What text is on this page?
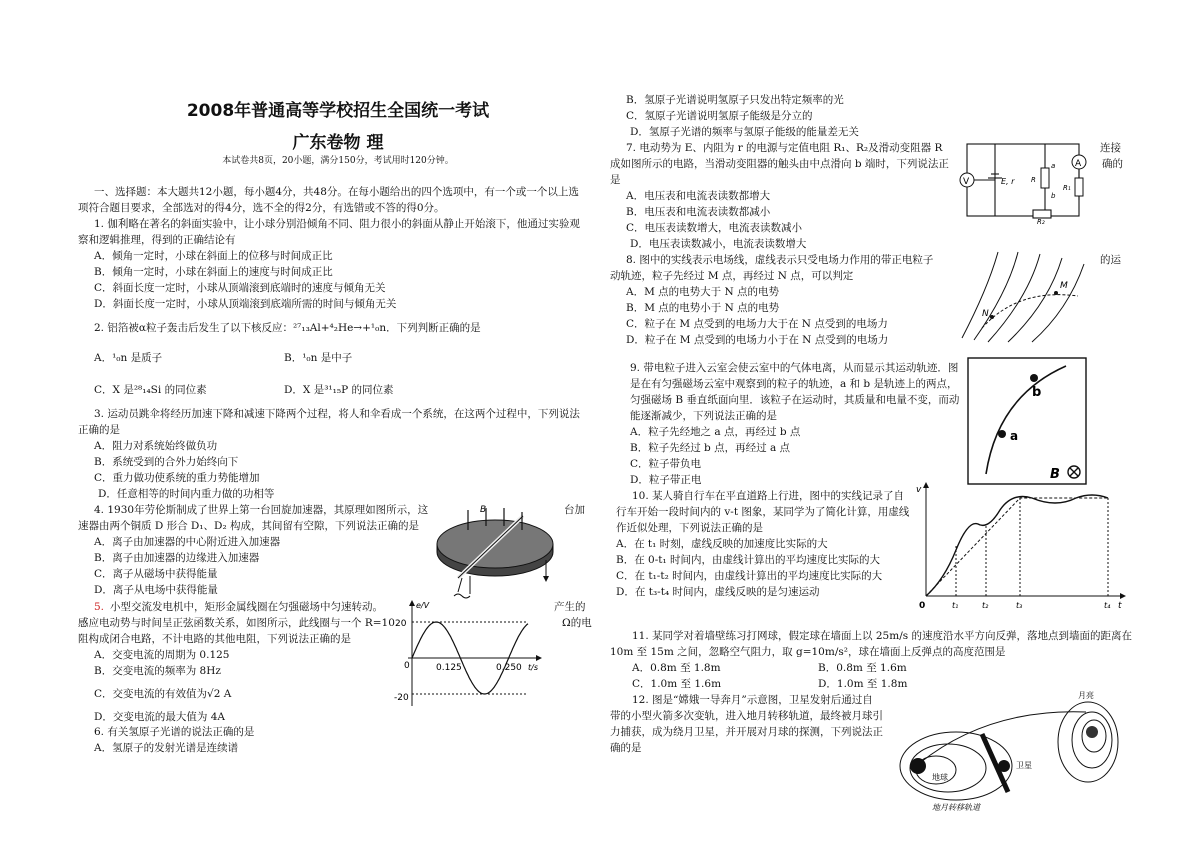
2008年普通高等学校招生全国统一考试
广东卷物 理
本试卷共8页，20小题，满分150分，考试用时120分钟。
一、选择题：本大题共12小题，每小题4分，共48分。在每小题给出的四个选项中，有一个或一个以上选
项符合题目要求，全部选对的得4分，选不全的得2分，有选错或不答的得0分。
1. 伽利略在著名的斜面实验中，让小球分别沿倾角不同、阻力很小的斜面从静止开始滚下，他通过实验观
察和逻辑推理，得到的正确结论有
A．倾角一定时，小球在斜面上的位移与时间成正比
B．倾角一定时，小球在斜面上的速度与时间成正比
C．斜面长度一定时，小球从顶端滚到底端时的速度与倾角无关
D．斜面长度一定时，小球从顶端滚到底端所需的时间与倾角无关
2. 铝箔被α粒子轰击后发生了以下核反应：²⁷₁₃Al+⁴₂He→+¹₀n．下列判断正确的是
A．¹₀n 是质子	B．¹₀n 是中子
C．X 是²⁸₁₄Si 的同位素	D．X 是³¹₁₅P 的同位素
3. 运动员跳伞将经历加速下降和减速下降两个过程，将人和伞看成一个系统，在这两个过程中，下列说法
正确的是
A．阻力对系统始终做负功
B．系统受到的合外力始终向下
C．重力做功使系统的重力势能增加
D．任意相等的时间内重力做的功相等
4. 1930年劳伦斯制成了世界上第一台回旋加速器，其原理如图所示，这	台加
速器由两个铜质 D 形合 D₁、D₂ 构成，其间留有空隙，下列说法正确的是
A．离子由加速器的中心附近进入加速器
B．离子由加速器的边缘进入加速器
C．离子从磁场中获得能量
D．离子从电场中获得能量
5. 小型交流发电机中，矩形金属线圈在匀强磁场中匀速转动。	产生的
感应电动势与时间呈正弦函数关系，如图所示，此线圈与一个 R=10	Ω的电
阻构成闭合电路，不计电路的其他电阻，下列说法正确的是
A．交变电流的周期为 0.125
B．交变电流的频率为 8Hz
C．交变电流的有效值为√2 A
D．交变电流的最大值为 4A
6. 有关氢原子光谱的说法正确的是
A．氢原子的发射光谱是连续谱
B
e/V
t/s
20
-20
0	0.125	0.250
B．氢原子光谱说明氢原子只发出特定频率的光
C．氢原子光谱说明氢原子能级是分立的
D．氢原子光谱的频率与氢原子能级的能量差无关
7. 电动势为 E、内阻为 r 的电源与定值电阻 R₁、R₂及滑动变阻器 R	连接
成如图所示的电路，当滑动变阻器的触头由中点滑向 b 端时，下列说法正	确的
是
A．电压表和电流表读数都增大
B．电压表和电流表读数都减小
C．电压表读数增大，电流表读数减小
D．电压表读数减小，电流表读数增大
8. 图中的实线表示电场线，虚线表示只受电场力作用的带正电粒子	的运
动轨迹，粒子先经过 M 点，再经过 N 点，可以判定
A．M 点的电势大于 N 点的电势
B．M 点的电势小于 N 点的电势
C．粒子在 M 点受到的电场力大于在 N 点受到的电场力
D．粒子在 M 点受到的电场力小于在 N 点受到的电场力
9. 带电粒子进入云室会使云室中的气体电离，从而显示其运动轨迹．图
是在有匀强磁场云室中观察到的粒子的轨迹，a 和 b 是轨迹上的两点，
匀强磁场 B 垂直纸面向里．该粒子在运动时，其质量和电量不变，而动
能逐渐减少，下列说法正确的是
A．粒子先经地之 a 点，再经过 b 点
B．粒子先经过 b 点，再经过 a 点
C．粒子带负电
D．粒子带正电
10. 某人骑自行车在平直道路上行进，图中的实线记录了自
行车开始一段时间内的 v-t 图象，某同学为了简化计算，用虚线
作近似处理，下列说法正确的是
A．在 t₁ 时刻，虚线反映的加速度比实际的大
B．在 0-t₁ 时间内，由虚线计算出的平均速度比实际的大
C．在 t₁-t₂ 时间内，由虚线计算出的平均速度比实际的大
D．在 t₃-t₄ 时间内，虚线反映的是匀速运动
11. 某同学对着墙壁练习打网球，假定球在墙面上以 25m/s 的速度沿水平方向反弹，落地点到墙面的距离在
10m 至 15m 之间，忽略空气阻力，取 g=10m/s²，球在墙面上反弹点的高度范围是
A．0.8m 至 1.8m	B．0.8m 至 1.6m
C．1.0m 至 1.6m	D．1.0m 至 1.8m
12. 图是“嫦娥一导奔月”示意图，卫星发射后通过自
带的小型火箭多次变轨，进入地月转移轨道，最终被月球引
力捕获，成为绕月卫星，并开展对月球的探测，下列说法正
确的是
V
A
E, r
a
b
R
R₁
R₂
M
N
a
b
B
v
t
0	t₁	t₂	t₃	t₄
地球
卫星
月亮
地月转移轨道
